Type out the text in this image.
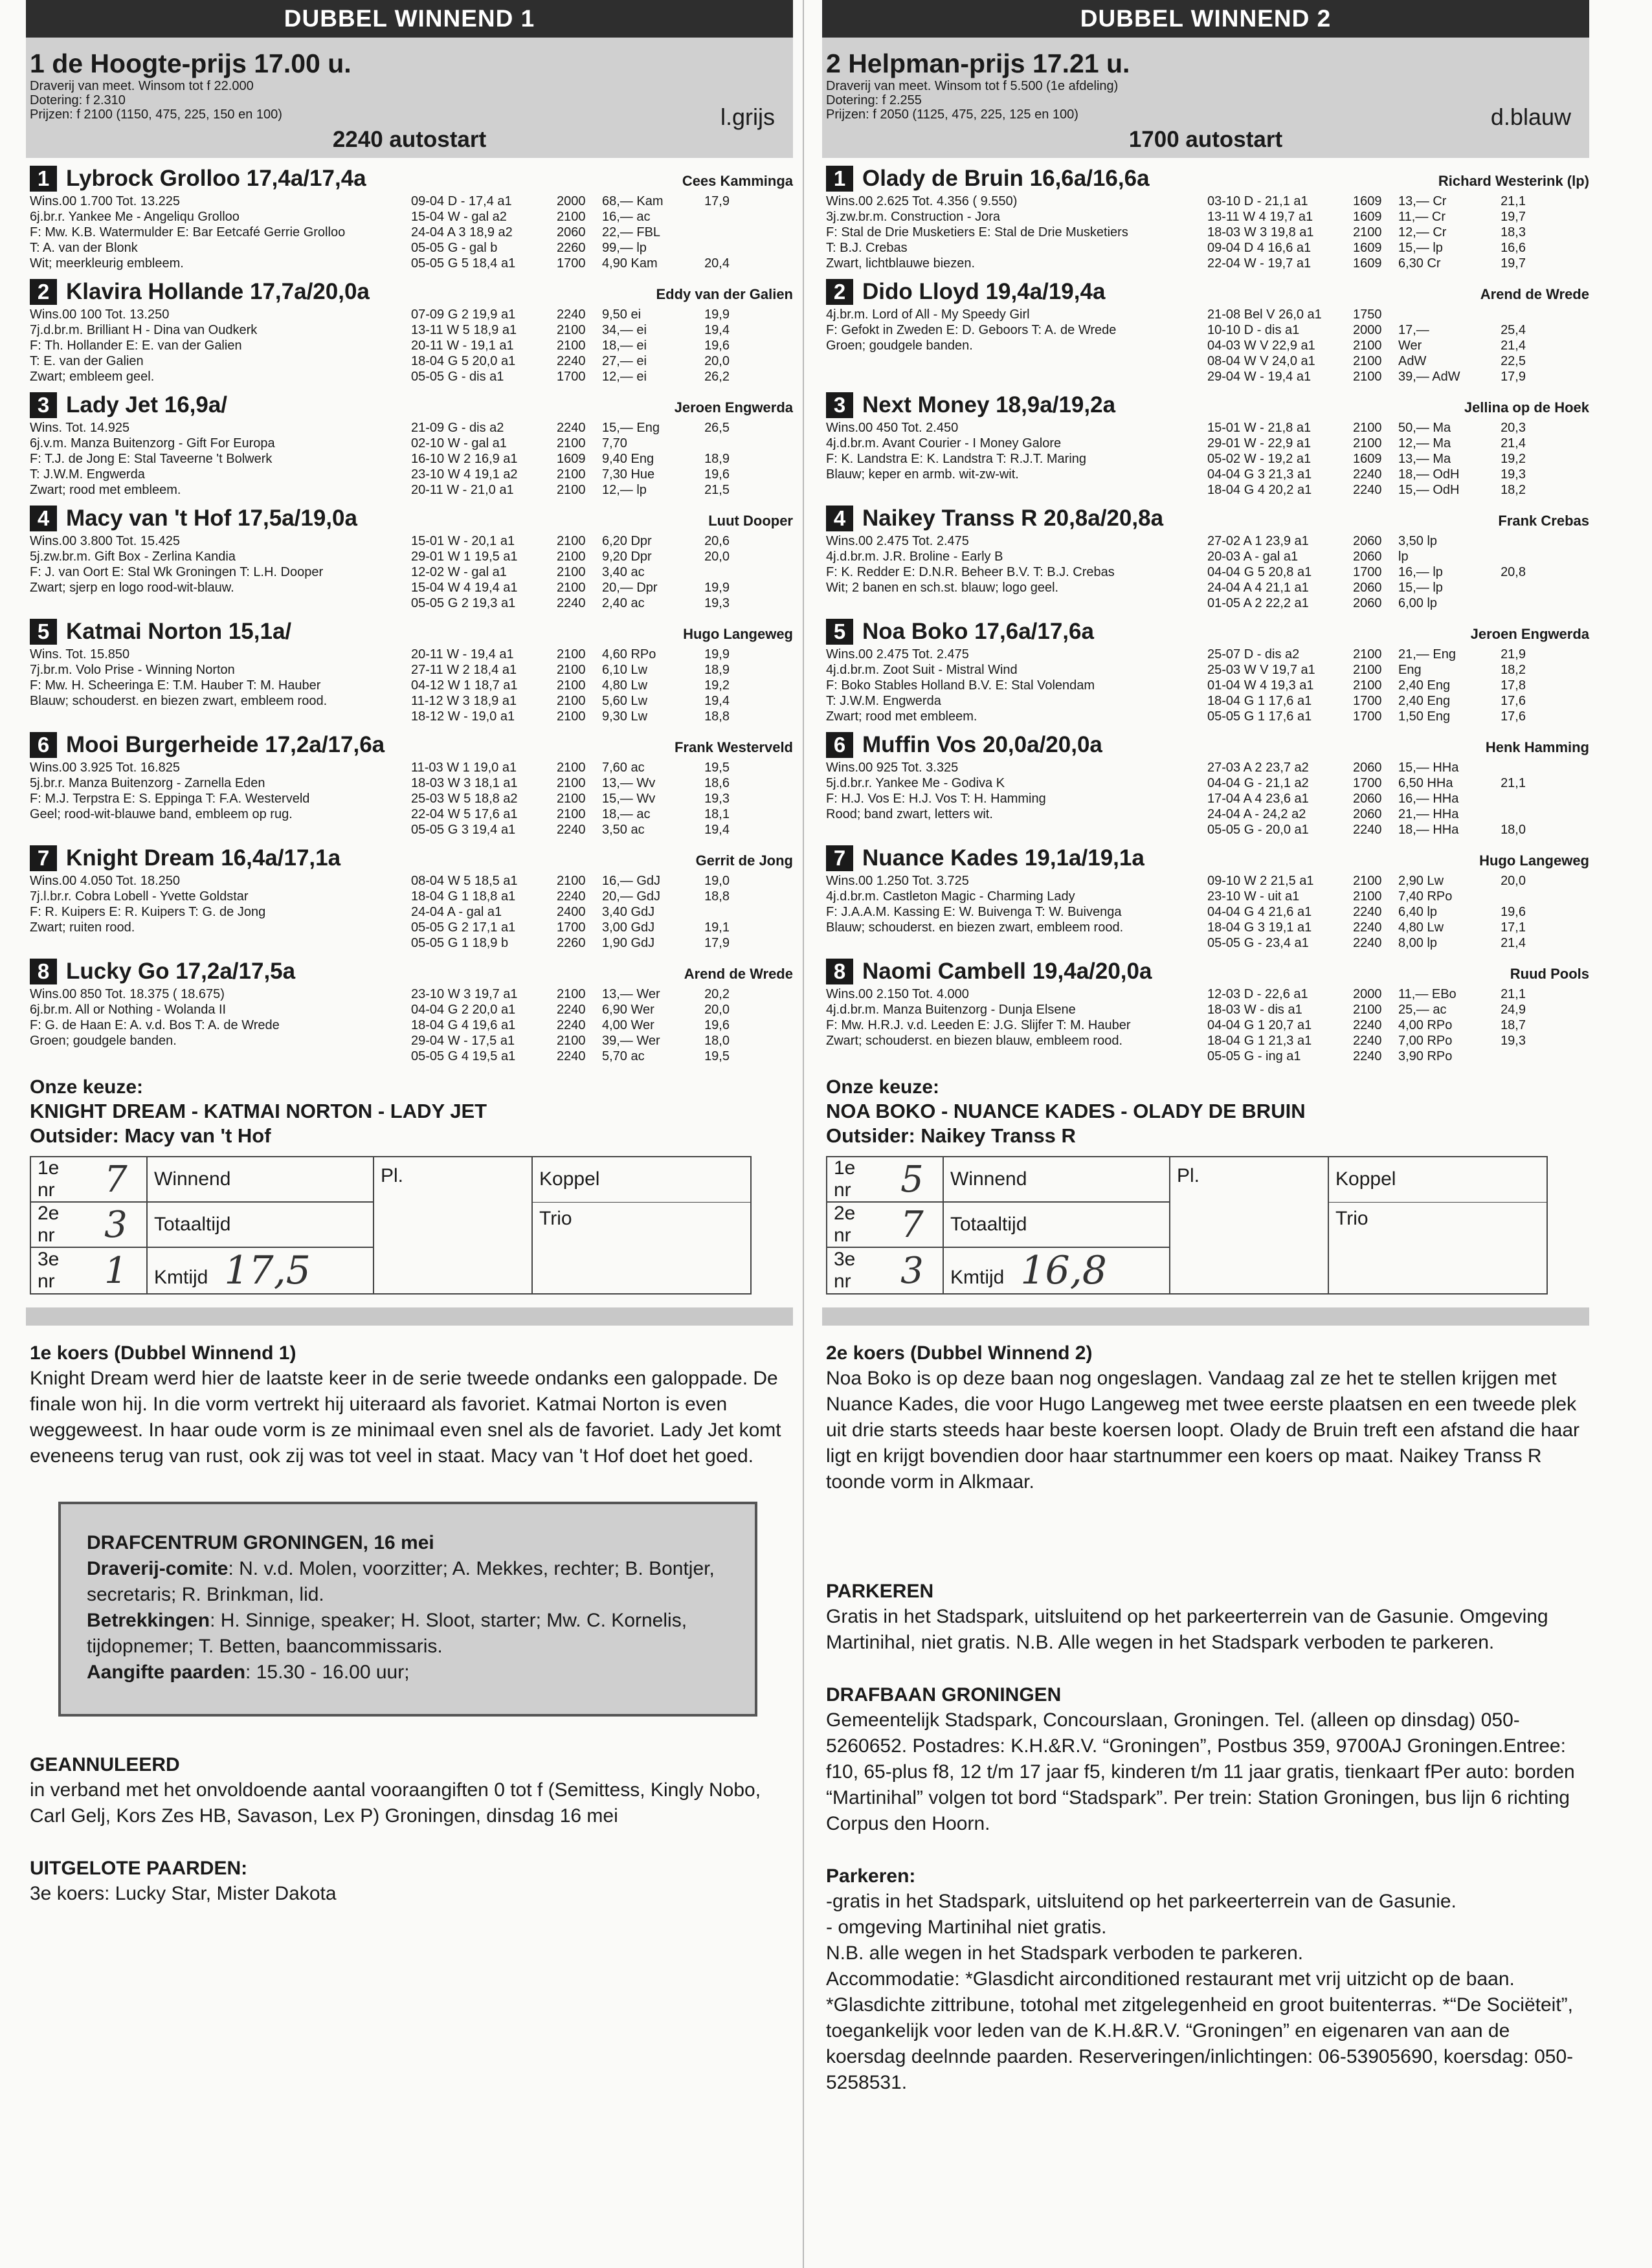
DUBBEL WINNEND 1
1 de Hoogte-prijs 17.00 u.
Draverij van meet. Winsom tot f 22.000
Dotering: f 2.310
Prijzen: f 2100 (1150, 475, 225, 150 en 100)	l.grijs
2240 autostart
1 Lybrock Grolloo 17,4a/17,4a	Cees Kamminga
Wins.00 1.700 Tot. 13.225
6j.br.r. Yankee Me - Angeliqu Grolloo
F: Mw. K.B. Watermulder E: Bar Eetcafé Gerrie Grolloo
T: A. van der Blonk
Wit; meerkleurig embleem.
09-04 D - 17,4 a1	2000	68,— Kam	17,9
15-04 W - gal a2	2100	16,— ac	
24-04 A 3 18,9 a2	2060	22,— FBL	
05-05 G - gal b	2260	99,— lp	
05-05 G 5 18,4 a1	1700	4,90 Kam	20,4
2 Klavira Hollande 17,7a/20,0a	Eddy van der Galien
Wins.00 100 Tot. 13.250
7j.d.br.m. Brilliant H - Dina van Oudkerk
F: Th. Hollander E: E. van der Galien
T: E. van der Galien
Zwart; embleem geel.
07-09 G 2 19,9 a1	2240	9,50 ei	19,9
13-11 W 5 18,9 a1	2100	34,— ei	19,4
20-11 W - 19,1 a1	2100	18,— ei	19,6
18-04 G 5 20,0 a1	2240	27,— ei	20,0
05-05 G - dis a1	1700	12,— ei	26,2
3 Lady Jet 16,9a/	Jeroen Engwerda
Wins. Tot. 14.925
6j.v.m. Manza Buitenzorg - Gift For Europa
F: T.J. de Jong E: Stal Taveerne 't Bolwerk
T: J.W.M. Engwerda
Zwart; rood met embleem.
21-09 G - dis a2	2240	15,— Eng	26,5
02-10 W - gal a1	2100	7,70	
16-10 W 2 16,9 a1	1609	9,40 Eng	18,9
23-10 W 4 19,1 a2	2100	7,30 Hue	19,6
20-11 W - 21,0 a1	2100	12,— lp	21,5
4 Macy van 't Hof 17,5a/19,0a	Luut Dooper
Wins.00 3.800 Tot. 15.425
5j.zw.br.m. Gift Box - Zerlina Kandia
F: J. van Oort E: Stal Wk Groningen T: L.H. Dooper
Zwart; sjerp en logo rood-wit-blauw.
15-01 W - 20,1 a1	2100	6,20 Dpr	20,6
29-01 W 1 19,5 a1	2100	9,20 Dpr	20,0
12-02 W - gal a1	2100	3,40 ac	
15-04 W 4 19,4 a1	2100	20,— Dpr	19,9
05-05 G 2 19,3 a1	2240	2,40 ac	19,3
5 Katmai Norton 15,1a/	Hugo Langeweg
Wins. Tot. 15.850
7j.br.m. Volo Prise - Winning Norton
F: Mw. H. Scheeringa E: T.M. Hauber T: M. Hauber
Blauw; schouderst. en biezen zwart, embleem rood.
20-11 W - 19,4 a1	2100	4,60 RPo	19,9
27-11 W 2 18,4 a1	2100	6,10 Lw	18,9
04-12 W 1 18,7 a1	2100	4,80 Lw	19,2
11-12 W 3 18,9 a1	2100	5,60 Lw	19,4
18-12 W - 19,0 a1	2100	9,30 Lw	18,8
6 Mooi Burgerheide 17,2a/17,6a	Frank Westerveld
Wins.00 3.925 Tot. 16.825
5j.br.r. Manza Buitenzorg - Zarnella Eden
F: M.J. Terpstra E: S. Eppinga T: F.A. Westerveld
Geel; rood-wit-blauwe band, embleem op rug.
11-03 W 1 19,0 a1	2100	7,60 ac	19,5
18-03 W 3 18,1 a1	2100	13,— Wv	18,6
25-03 W 5 18,8 a2	2100	15,— Wv	19,3
22-04 W 5 17,6 a1	2100	18,— ac	18,1
05-05 G 3 19,4 a1	2240	3,50 ac	19,4
7 Knight Dream 16,4a/17,1a	Gerrit de Jong
Wins.00 4.050 Tot. 18.250
7j.l.br.r. Cobra Lobell - Yvette Goldstar
F: R. Kuipers E: R. Kuipers T: G. de Jong
Zwart; ruiten rood.
08-04 W 5 18,5 a1	2100	16,— GdJ	19,0
18-04 G 1 18,8 a1	2240	20,— GdJ	18,8
24-04 A - gal a1	2400	3,40 GdJ	
05-05 G 2 17,1 a1	1700	3,00 GdJ	19,1
05-05 G 1 18,9 b	2260	1,90 GdJ	17,9
8 Lucky Go 17,2a/17,5a	Arend de Wrede
Wins.00 850 Tot. 18.375 ( 18.675)
6j.br.m. All or Nothing - Wolanda II
F: G. de Haan E: A. v.d. Bos T: A. de Wrede
Groen; goudgele banden.
23-10 W 3 19,7 a1	2100	13,— Wer	20,2
04-04 G 2 20,0 a1	2240	6,90 Wer	20,0
18-04 G 4 19,6 a1	2240	4,00 Wer	19,6
29-04 W - 17,5 a1	2100	39,— Wer	18,0
05-05 G 4 19,5 a1	2240	5,70 ac	19,5
Onze keuze:
KNIGHT DREAM - KATMAI NORTON - LADY JET
Outsider: Macy van 't Hof
1e nr	7	Winnend	Pl.	Koppel
2e nr	3	Totaaltijd		Trio
3e nr	1	Kmtijd 17,5		
1e koers (Dubbel Winnend 1)
Knight Dream werd hier de laatste keer in de serie tweede ondanks een galoppade. De finale won hij. In die vorm vertrekt hij uiteraard als favoriet. Katmai Norton is even weggeweest. In haar oude vorm is ze minimaal even snel als de favoriet. Lady Jet komt eveneens terug van rust, ook zij was tot veel in staat. Macy van 't Hof doet het goed.
DRAFCENTRUM GRONINGEN, 16 mei
Draverij-comite: N. v.d. Molen, voorzitter; A. Mekkes, rechter; B. Bontjer, secretaris; R. Brinkman, lid.
Betrekkingen: H. Sinnige, speaker; H. Sloot, starter; Mw. C. Kornelis, tijdopnemer; T. Betten, baancommissaris.
Aangifte paarden: 15.30 - 16.00 uur;
GEANNULEERD
in verband met het onvoldoende aantal vooraangiften 0 tot f (Semittess, Kingly Nobo, Carl Gelj, Kors Zes HB, Savason, Lex P) Groningen, dinsdag 16 mei
UITGELOTE PAARDEN:
3e koers: Lucky Star, Mister Dakota
DUBBEL WINNEND 2
2 Helpman-prijs 17.21 u.
Draverij van meet. Winsom tot f 5.500 (1e afdeling)
Dotering: f 2.255
Prijzen: f 2050 (1125, 475, 225, 125 en 100)	d.blauw
1700 autostart
1 Olady de Bruin 16,6a/16,6a	Richard Westerink (lp)
Wins.00 2.625 Tot. 4.356 ( 9.550)
3j.zw.br.m. Construction - Jora
F: Stal de Drie Musketiers E: Stal de Drie Musketiers
T: B.J. Crebas
Zwart, lichtblauwe biezen.
03-10 D - 21,1 a1	1609	13,— Cr	21,1
13-11 W 4 19,7 a1	1609	11,— Cr	19,7
18-03 W 3 19,8 a1	2100	12,— Cr	18,3
09-04 D 4 16,6 a1	1609	15,— lp	16,6
22-04 W - 19,7 a1	1609	6,30 Cr	19,7
2 Dido Lloyd 19,4a/19,4a	Arend de Wrede
4j.br.m. Lord of All - My Speedy Girl
F: Gefokt in Zweden E: D. Geboors T: A. de Wrede
Groen; goudgele banden.
21-08 Bel V 26,0 a1	1750		
10-10 D - dis a1	2000	17,—	25,4
04-03 W V 22,9 a1	2100	Wer	21,4
08-04 W V 24,0 a1	2100	AdW	22,5
29-04 W - 19,4 a1	2100	39,— AdW	17,9
3 Next Money 18,9a/19,2a	Jellina op de Hoek
Wins.00 450 Tot. 2.450
4j.d.br.m. Avant Courier - I Money Galore
F: K. Landstra E: K. Landstra T: R.J.T. Maring
Blauw; keper en armb. wit-zw-wit.
15-01 W - 21,8 a1	2100	50,— Ma	20,3
29-01 W - 22,9 a1	2100	12,— Ma	21,4
05-02 W - 19,2 a1	1609	13,— Ma	19,2
04-04 G 3 21,3 a1	2240	18,— OdH	19,3
18-04 G 4 20,2 a1	2240	15,— OdH	18,2
4 Naikey Transs R 20,8a/20,8a	Frank Crebas
Wins.00 2.475 Tot. 2.475
4j.d.br.m. J.R. Broline - Early B
F: K. Redder E: D.N.R. Beheer B.V. T: B.J. Crebas
Wit; 2 banen en sch.st. blauw; logo geel.
27-02 A 1 23,9 a1	2060	3,50 lp	
20-03 A - gal a1	2060	lp	
04-04 G 5 20,8 a1	1700	16,— lp	20,8
24-04 A 4 21,1 a1	2060	15,— lp	
01-05 A 2 22,2 a1	2060	6,00 lp	
5 Noa Boko 17,6a/17,6a	Jeroen Engwerda
Wins.00 2.475 Tot. 2.475
4j.d.br.m. Zoot Suit - Mistral Wind
F: Boko Stables Holland B.V. E: Stal Volendam
T: J.W.M. Engwerda
Zwart; rood met embleem.
25-07 D - dis a2	2100	21,— Eng	21,9
25-03 W V 19,7 a1	2100	Eng	18,2
01-04 W 4 19,3 a1	2100	2,40 Eng	17,8
18-04 G 1 17,6 a1	1700	2,40 Eng	17,6
05-05 G 1 17,6 a1	1700	1,50 Eng	17,6
6 Muffin Vos 20,0a/20,0a	Henk Hamming
Wins.00 925 Tot. 3.325
5j.d.br.r. Yankee Me - Godiva K
F: H.J. Vos E: H.J. Vos T: H. Hamming
Rood; band zwart, letters wit.
27-03 A 2 23,7 a2	2060	15,— HHa	
04-04 G - 21,1 a2	1700	6,50 HHa	21,1
17-04 A 4 23,6 a1	2060	16,— HHa	
24-04 A - 24,2 a2	2060	21,— HHa	
05-05 G - 20,0 a1	2240	18,— HHa	18,0
7 Nuance Kades 19,1a/19,1a	Hugo Langeweg
Wins.00 1.250 Tot. 3.725
4j.d.br.m. Castleton Magic - Charming Lady
F: J.A.A.M. Kassing E: W. Buivenga T: W. Buivenga
Blauw; schouderst. en biezen zwart, embleem rood.
09-10 W 2 21,5 a1	2100	2,90 Lw	20,0
23-10 W - uit a1	2100	7,40 RPo	
04-04 G 4 21,6 a1	2240	6,40 lp	19,6
18-04 G 3 19,1 a1	2240	4,80 Lw	17,1
05-05 G - 23,4 a1	2240	8,00 lp	21,4
8 Naomi Cambell 19,4a/20,0a	Ruud Pools
Wins.00 2.150 Tot. 4.000
4j.d.br.m. Manza Buitenzorg - Dunja Elsene
F: Mw. H.R.J. v.d. Leeden E: J.G. Slijfer T: M. Hauber
Zwart; schouderst. en biezen blauw, embleem rood.
12-03 D - 22,6 a1	2000	11,— EBo	21,1
18-03 W - dis a1	2100	25,— ac	24,9
04-04 G 1 20,7 a1	2240	4,00 RPo	18,7
18-04 G 1 21,3 a1	2240	7,00 RPo	19,3
05-05 G - ing a1	2240	3,90 RPo	
Onze keuze:
NOA BOKO - NUANCE KADES - OLADY DE BRUIN
Outsider: Naikey Transs R
1e nr	5	Winnend	Pl.	Koppel
2e nr	7	Totaaltijd		Trio
3e nr	3	Kmtijd 16,8		
2e koers (Dubbel Winnend 2)
Noa Boko is op deze baan nog ongeslagen. Vandaag zal ze het te stellen krijgen met Nuance Kades, die voor Hugo Langeweg met twee eerste plaatsen en een tweede plek uit drie starts steeds haar beste koersen loopt. Olady de Bruin treft een afstand die haar ligt en krijgt bovendien door haar startnummer een koers op maat. Naikey Transs R toonde vorm in Alkmaar.
PARKEREN
Gratis in het Stadspark, uitsluitend op het parkeerterrein van de Gasunie. Omgeving Martinihal, niet gratis. N.B. Alle wegen in het Stadspark verboden te parkeren.
DRAFBAAN GRONINGEN
Gemeentelijk Stadspark, Concourslaan, Groningen. Tel. (alleen op dinsdag) 050-5260652. Postadres: K.H.&R.V. “Groningen”, Postbus 359, 9700AJ Groningen.Entree: f10, 65-plus f8, 12 t/m 17 jaar f5, kinderen t/m 11 jaar gratis, tienkaart fPer auto: borden “Martinihal” volgen tot bord “Stadspark”. Per trein: Station Groningen, bus lijn 6 richting Corpus den Hoorn.
Parkeren:
-gratis in het Stadspark, uitsluitend op het parkeerterrein van de Gasunie.
- omgeving Martinihal niet gratis.
N.B. alle wegen in het Stadspark verboden te parkeren.
Accommodatie: *Glasdicht airconditioned restaurant met vrij uitzicht op de baan. *Glasdichte zittribune, totohal met zitgelegenheid en groot buitenterras. *“De Sociëteit”, toegankelijk voor leden van de K.H.&R.V. “Groningen” en eigenaren van aan de koersdag deelnnde paarden. Reserveringen/inlichtingen: 06-53905690, koersdag: 050-5258531.
